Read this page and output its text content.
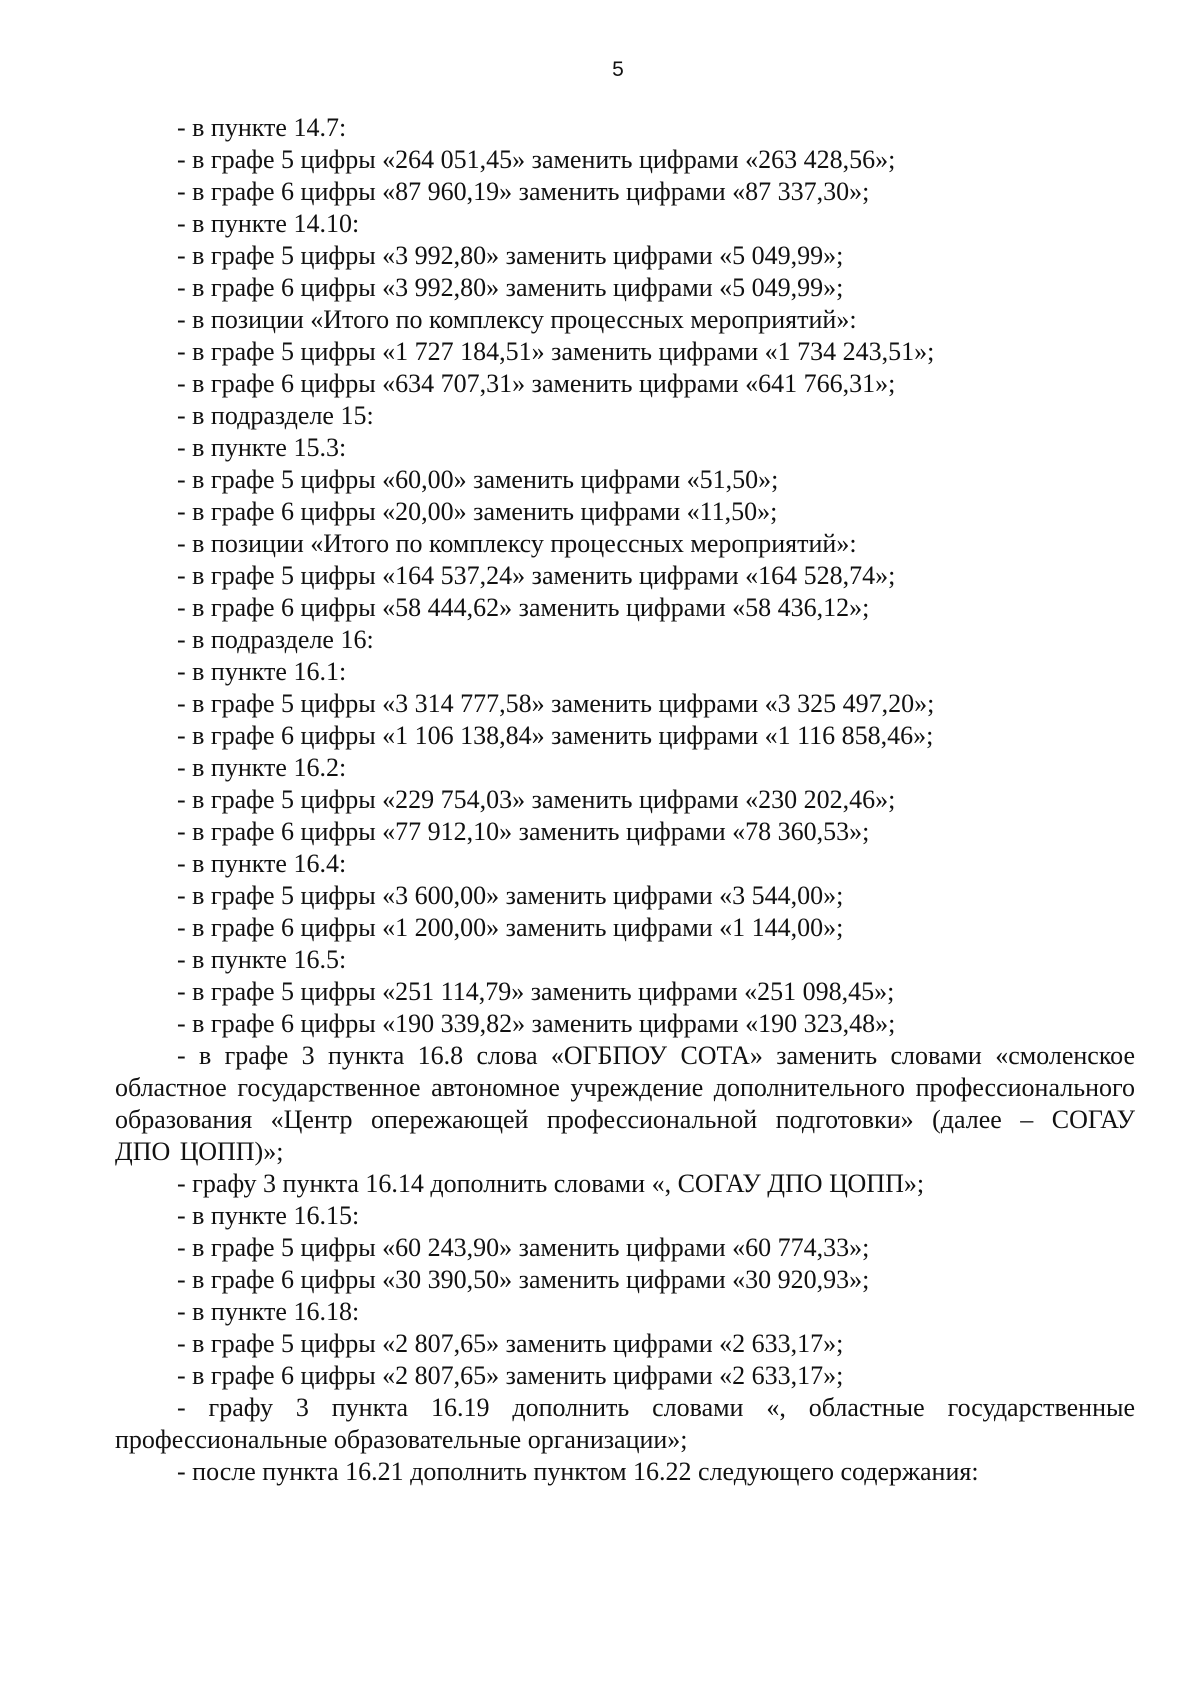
5

- в пункте 14.7:

- в графе 5 цифры «264 051,45» заменить цифрами «263 428,56»;

- в графе 6 цифры «87 960,19» заменить цифрами «87 337,30»;

- в пункте 14.10:

- в графе 5 цифры «3 992,80» заменить цифрами «5 049,99»;

- в графе 6 цифры «3 992,80» заменить цифрами «5 049,99»;

- в позиции «Итого по комплексу процессных мероприятий»:

- в графе 5 цифры «1 727 184,51» заменить цифрами «1 734 243,51»;

- в графе 6 цифры «634 707,31» заменить цифрами «641 766,31»;

- в подразделе 15:

- в пункте 15.3:

- в графе 5 цифры «60,00» заменить цифрами «51,50»;

- в графе 6 цифры «20,00» заменить цифрами «11,50»;

- в позиции «Итого по комплексу процессных мероприятий»:

- в графе 5 цифры «164 537,24» заменить цифрами «164 528,74»;

- в графе 6 цифры «58 444,62» заменить цифрами «58 436,12»;

- в подразделе 16:

- в пункте 16.1:

- в графе 5 цифры «3 314 777,58» заменить цифрами «3 325 497,20»;

- в графе 6 цифры «1 106 138,84» заменить цифрами «1 116 858,46»;

- в пункте 16.2:

- в графе 5 цифры «229 754,03» заменить цифрами «230 202,46»;

- в графе 6 цифры «77 912,10» заменить цифрами «78 360,53»;

- в пункте 16.4:

- в графе 5 цифры «3 600,00» заменить цифрами «3 544,00»;

- в графе 6 цифры «1 200,00» заменить цифрами «1 144,00»;

- в пункте 16.5:

- в графе 5 цифры «251 114,79» заменить цифрами «251 098,45»;

- в графе 6 цифры «190 339,82» заменить цифрами «190 323,48»;

- в графе 3 пункта 16.8 слова «ОГБПОУ СОТА» заменить словами «смоленское областное государственное автономное учреждение дополнительного профессионального образования «Центр опережающей профессиональной подготовки» (далее – СОГАУ ДПО ЦОПП)»;

- графу 3 пункта 16.14 дополнить словами «, СОГАУ ДПО ЦОПП»;

- в пункте 16.15:

- в графе 5 цифры «60 243,90» заменить цифрами «60 774,33»;

- в графе 6 цифры «30 390,50» заменить цифрами «30 920,93»;

- в пункте 16.18:

- в графе 5 цифры «2 807,65» заменить цифрами «2 633,17»;

- в графе 6 цифры «2 807,65» заменить цифрами «2 633,17»;

- графу 3 пункта 16.19 дополнить словами «, областные государственные профессиональные образовательные организации»;

- после пункта 16.21 дополнить пунктом 16.22 следующего содержания:
